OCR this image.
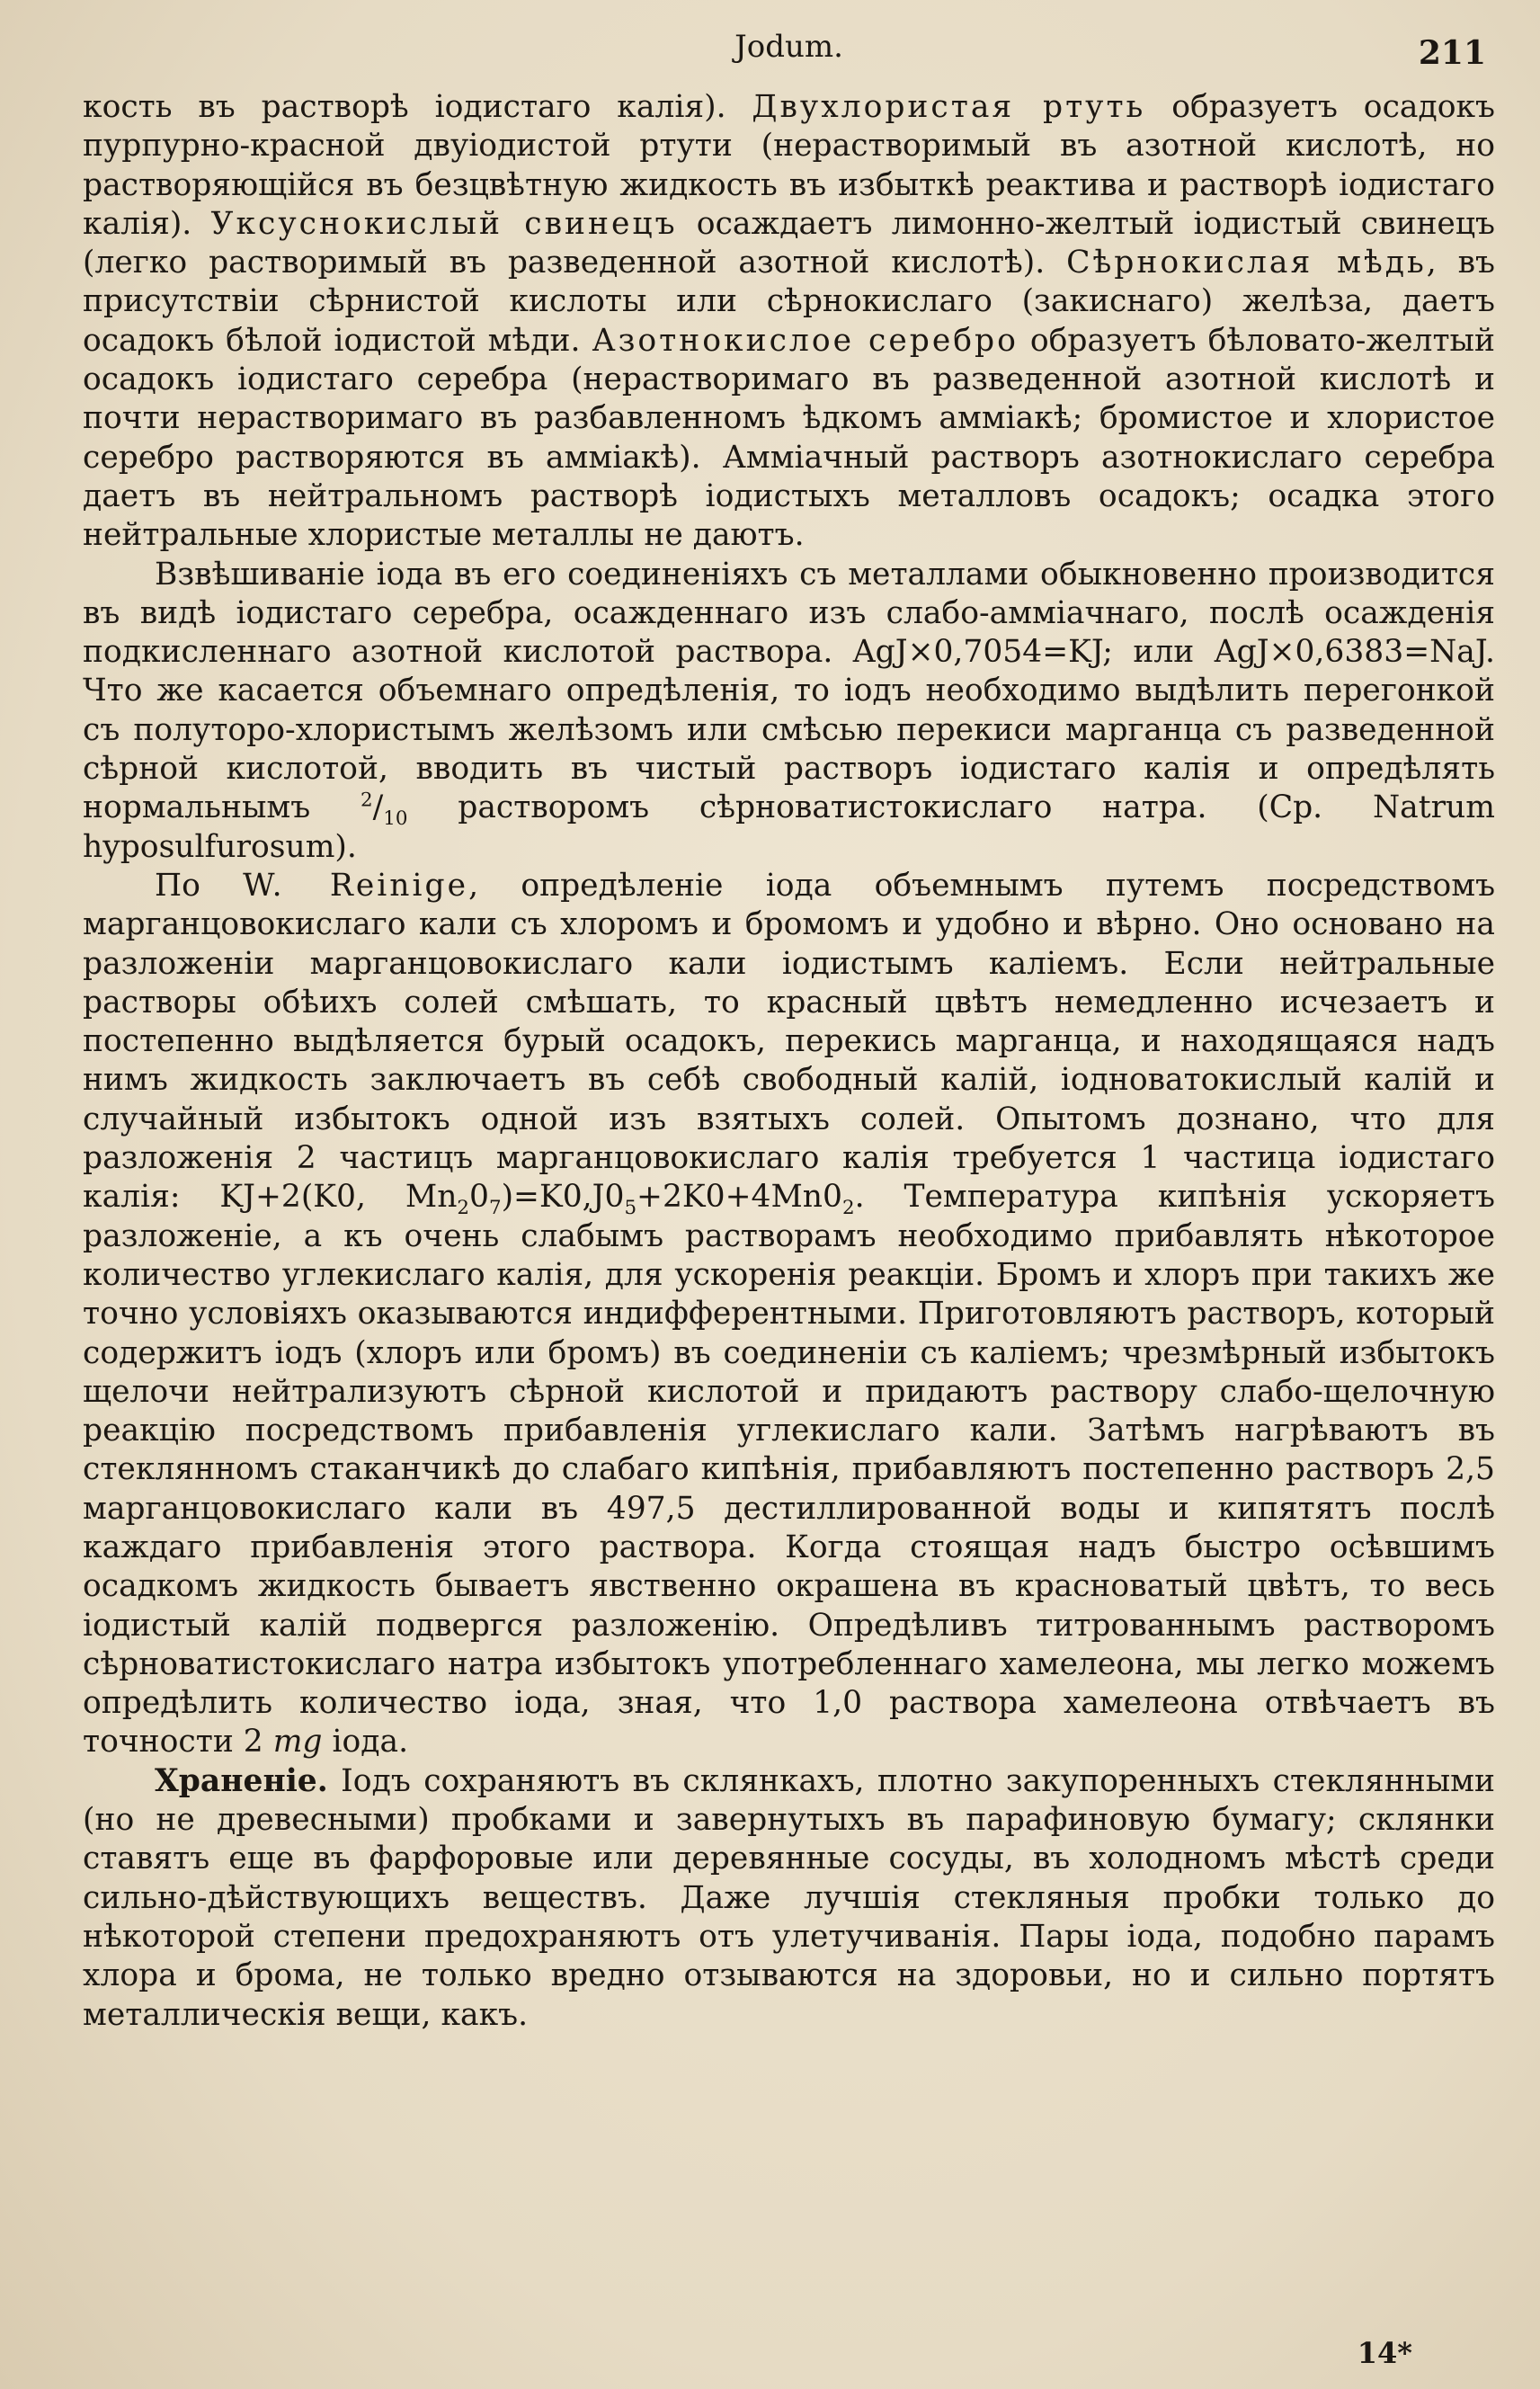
Jodum.	211

кость въ растворѣ іодистаго калія). Двухлористая ртуть образуетъ осадокъ пурпурно-красной двуіодистой ртути (нерастворимый въ азотной кислотѣ, но растворяющійся въ безцвѣтную жидкость въ избыткѣ реактива и растворѣ іодистаго калія). Уксуснокислый свинецъ осаждаетъ лимонно-желтый іодистый свинецъ (легко растворимый въ разведенной азотной кислотѣ). Сѣрнокислая мѣдь, въ присутствіи сѣрнистой кислоты или сѣрнокислаго (закиснаго) желѣза, даетъ осадокъ бѣлой іодистой мѣди. Азотнокислое серебро образуетъ бѣловато-желтый осадокъ іодистаго серебра (нерастворимаго въ разведенной азотной кислотѣ и почти нерастворимаго въ разбавленномъ ѣдкомъ амміакѣ; бромистое и хлористое серебро растворяются въ амміакѣ). Амміачный растворъ азотнокислаго серебра даетъ въ нейтральномъ растворѣ іодистыхъ металловъ осадокъ; осадка этого нейтральные хлористые металлы не даютъ.

Взвѣшиваніе іода въ его соединеніяхъ съ металлами обыкновенно производится въ видѣ іодистаго серебра, осажденнаго изъ слабо-амміачнаго, послѣ осажденія подкисленнаго азотной кислотой раствора. AgJ×0,7054=KJ; или AgJ×0,6383=NaJ. Что же касается объемнаго опредѣленія, то іодъ необходимо выдѣлить перегонкой съ полуторо-хлористымъ желѣзомъ или смѣсью перекиси марганца съ разведенной сѣрной кислотой, вводить въ чистый растворъ іодистаго калія и опредѣлять нормальнымъ $^2/_{10}$ растворомъ сѣрноватистокислаго натра. (Cp. Natrum hyposulfurosum).

По W. Reinige, опредѣленіе іода объемнымъ путемъ посредствомъ марганцовокислаго кали съ хлоромъ и бромомъ и удобно и вѣрно. Оно основано на разложеніи марганцовокислаго кали іодистымъ каліемъ. Если нейтральные растворы обѣихъ солей смѣшать, то красный цвѣтъ немедленно исчезаетъ и постепенно выдѣляется бурый осадокъ, перекись марганца, и находящаяся надъ нимъ жидкость заключаетъ въ себѣ свободный калій, іодноватокислый калій и случайный избытокъ одной изъ взятыхъ солей. Опытомъ дознано, что для разложенія 2 частицъ марганцовокислаго калія требуется 1 частица іодистаго калія: KJ+2(K0, $Mn_20_7)=K0,J0_5+2K0+4Mn0_2$. Температура кипѣнія ускоряетъ разложеніе, а къ очень слабымъ растворамъ необходимо прибавлять нѣкоторое количество углекислаго калія, для ускоренія реакціи. Бромъ и хлоръ при такихъ же точно условіяхъ оказываются индифферентными. Приготовляютъ растворъ, который содержитъ іодъ (хлоръ или бромъ) въ соединеніи съ каліемъ; чрезмѣрный избытокъ щелочи нейтрализуютъ сѣрной кислотой и придаютъ раствору слабо-щелочную реакцію посредствомъ прибавленія углекислаго кали. Затѣмъ нагрѣваютъ въ стеклянномъ стаканчикѣ до слабаго кипѣнія, прибавляютъ постепенно растворъ 2,5 марганцовокислаго кали въ 497,5 дестиллированной воды и кипятятъ послѣ каждаго прибавленія этого раствора. Когда стоящая надъ быстро осѣвшимъ осадкомъ жидкость бываетъ явственно окрашена въ красноватый цвѣтъ, то весь іодистый калій подвергся разложенію. Опредѣливъ титрованнымъ растворомъ сѣрноватистокислаго натра избытокъ употребленнаго хамелеона, мы легко можемъ опредѣлить количество іода, зная, что 1,0 раствора хамелеона отвѣчаетъ въ точности 2 mg іода.

Храненіе. Іодъ сохраняютъ въ склянкахъ, плотно закупоренныхъ стеклянными (но не древесными) пробками и завернутыхъ въ парафиновую бумагу; склянки ставятъ еще въ фарфоровые или деревянные сосуды, въ холодномъ мѣстѣ среди сильно-дѣйствующихъ веществъ. Даже лучшія стекляныя пробки только до нѣкоторой степени предохраняютъ отъ улетучиванія. Пары іода, подобно парамъ хлора и брома, не только вредно отзываются на здоровьи, но и сильно портятъ металлическія вещи, какъ.

14*
